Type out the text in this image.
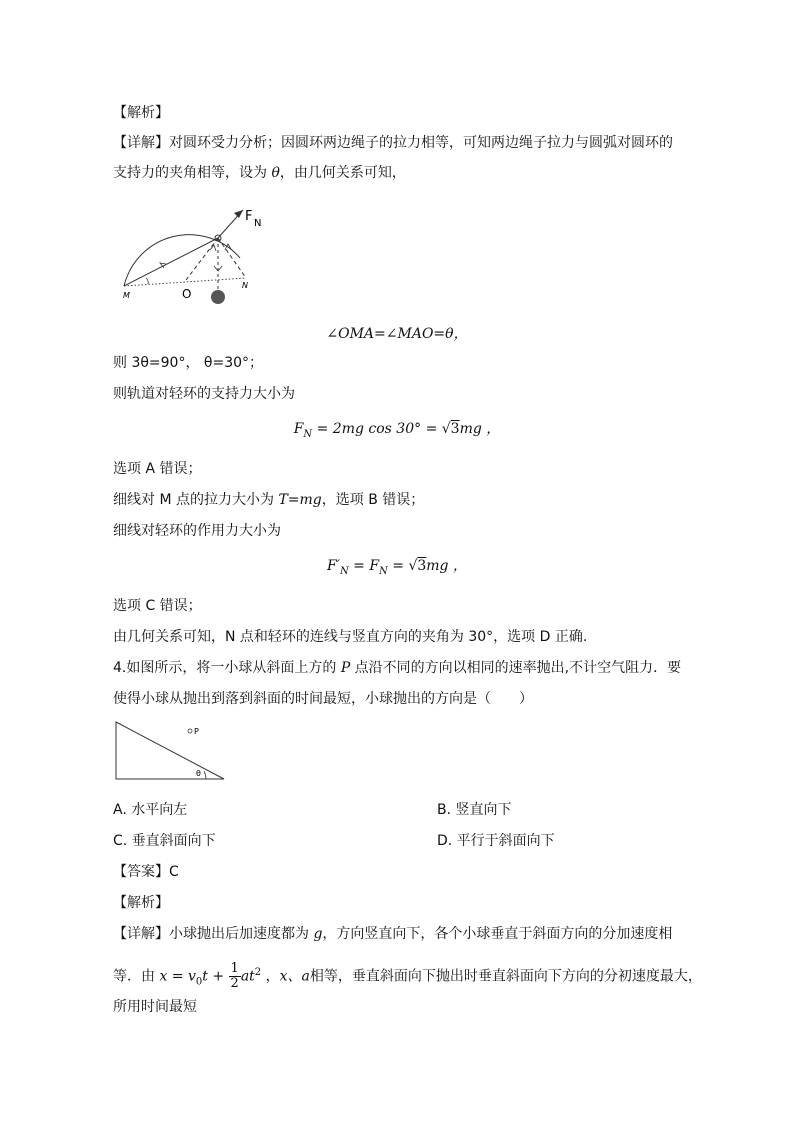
【解析】
【详解】对圆环受力分析；因圆环两边绳子的拉力相等，可知两边绳子拉力与圆弧对圆环的
支持力的夹角相等，设为 θ，由几何关系可知，
F N
O
M
N
∠OMA=∠MAO=θ，
则 3θ=90°， θ=30°；
则轨道对轻环的支持力大小为
$F_N = 2mg$ cos 30° = √3mg ，
选项 A 错误；
细线对 M 点的拉力大小为 T=mg，选项 B 错误；
细线对轻环的作用力大小为
$F'_N = F_N = √3mg$ ，
选项 C 错误；
由几何关系可知，N 点和轻环的连线与竖直方向的夹角为 30°，选项 D 正确.
4.如图所示，将一小球从斜面上方的 P 点沿不同的方向以相同的速率抛出,不计空气阻力．要
使得小球从抛出到落到斜面的时间最短，小球抛出的方向是（　　）
P
θ
A. 水平向左	B. 竖直向下
C. 垂直斜面向下	D. 平行于斜面向下
【答案】C
【解析】
【详解】小球抛出后加速度都为 g，方向竖直向下，各个小球垂直于斜面方向的分加速度相
等．由 $x = v_0t + \frac{1}{2} at^2$ ，x、a相等，垂直斜面向下抛出时垂直斜面向下方向的分初速度最大，
所用时间最短
